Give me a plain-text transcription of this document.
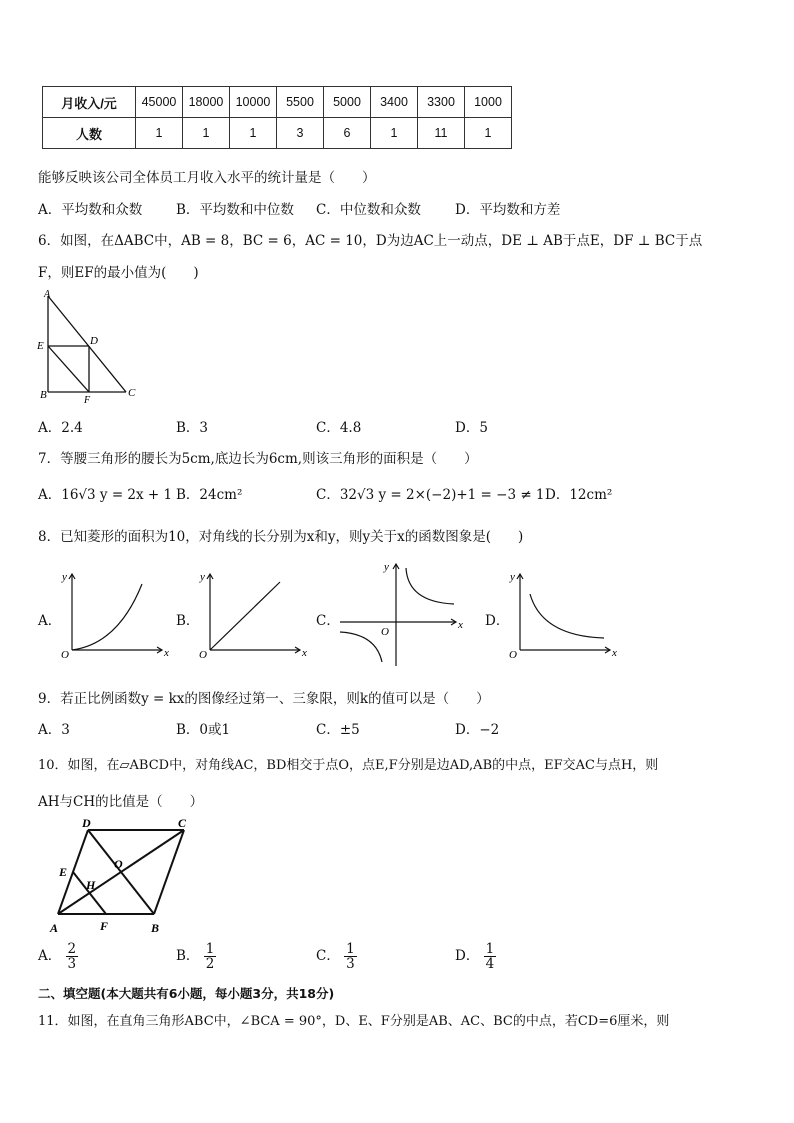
月收入/元	45000	18000	10000	5500	5000	3400	3300	1000
人数	1	1	1	3	6	1	11	1
能够反映该公司全体员工月收入水平的统计量是（　　）
A．平均数和众数	B．平均数和中位数 C．中位数和众数	D．平均数和方差
6．如图，在ΔABC中，AB = 8，BC = 6，AC = 10，D为边AC上一动点，DE ⊥ AB于点E，DF ⊥ BC于点
F，则EF的最小值为(　　)
A
E	D
B	F
C
A．2.4	B．3	C．4.8	D．5
7．等腰三角形的腰长为5cm,底边长为6cm,则该三角形的面积是（　　）
A．16√3 y = 2x + 1 B．24cm²	C．32√3 y = 2×(−2)+1 = −3 ≠ 1 D．12cm²
8．已知菱形的面积为10，对角线的长分别为x和y，则y关于x的函数图象是(　　)
A．
y
x
O
B．
y
x
O
C．
y
x
O
D．
y
x
O
9．若正比例函数y = kx的图像经过第一、三象限，则k的值可以是（　　）
A．3	B．0或1	C．±5	D．−2
10．如图，在▱ABCD中，对角线AC，BD相交于点O，点E,F分别是边AD,AB的中点，EF交AC与点H，则
AH与CH的比值是（　　）
D	C
O
E
H
A	F	B
A． $\frac{2}{3}$	B． $\frac{1}{2}$	C． $\frac{1}{3}$	D． $\frac{1}{4}$
二、填空题(本大题共有6小题，每小题3分，共18分)
11．如图，在直角三角形ABC中，∠BCA = 90°，D、E、F分别是AB、AC、BC的中点，若CD=6厘米，则
